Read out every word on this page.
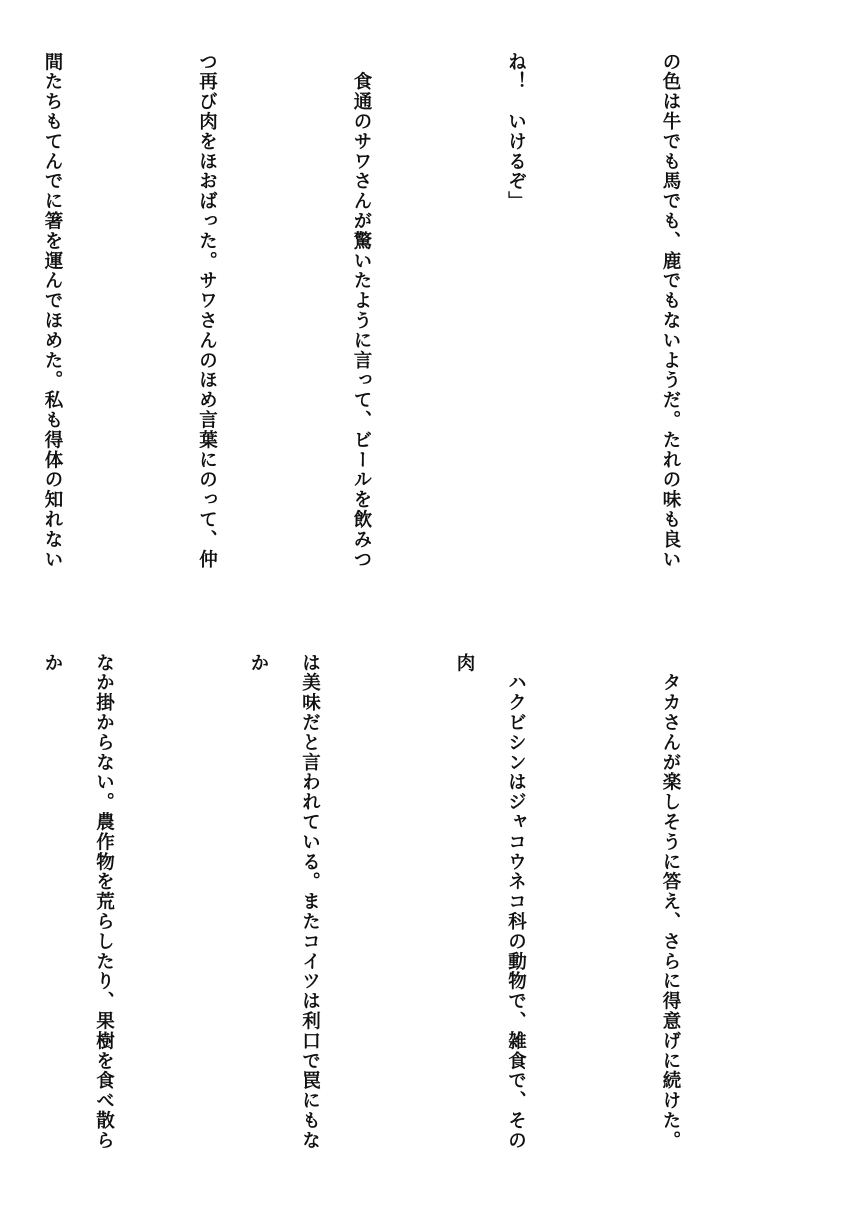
の色は牛でも馬でも、鹿でもないようだ。たれの味も良い

ね！　いけるぞ」

　食通のサワさんが驚いたように言って、ビールを飲みつ

つ再び肉をほおばった。サワさんのほめ言葉にのって、仲

間たちもてんでに箸を運んでほめた。私も得体の知れない

　タカさんが楽しそうに答え、さらに得意げに続けた。

　ハクビシンはジャコウネコ科の動物で、雑食で、その肉

は美味だと言われている。またコイツは利口で罠にもなか

なか掛からない。農作物を荒らしたり、果樹を食べ散らか
